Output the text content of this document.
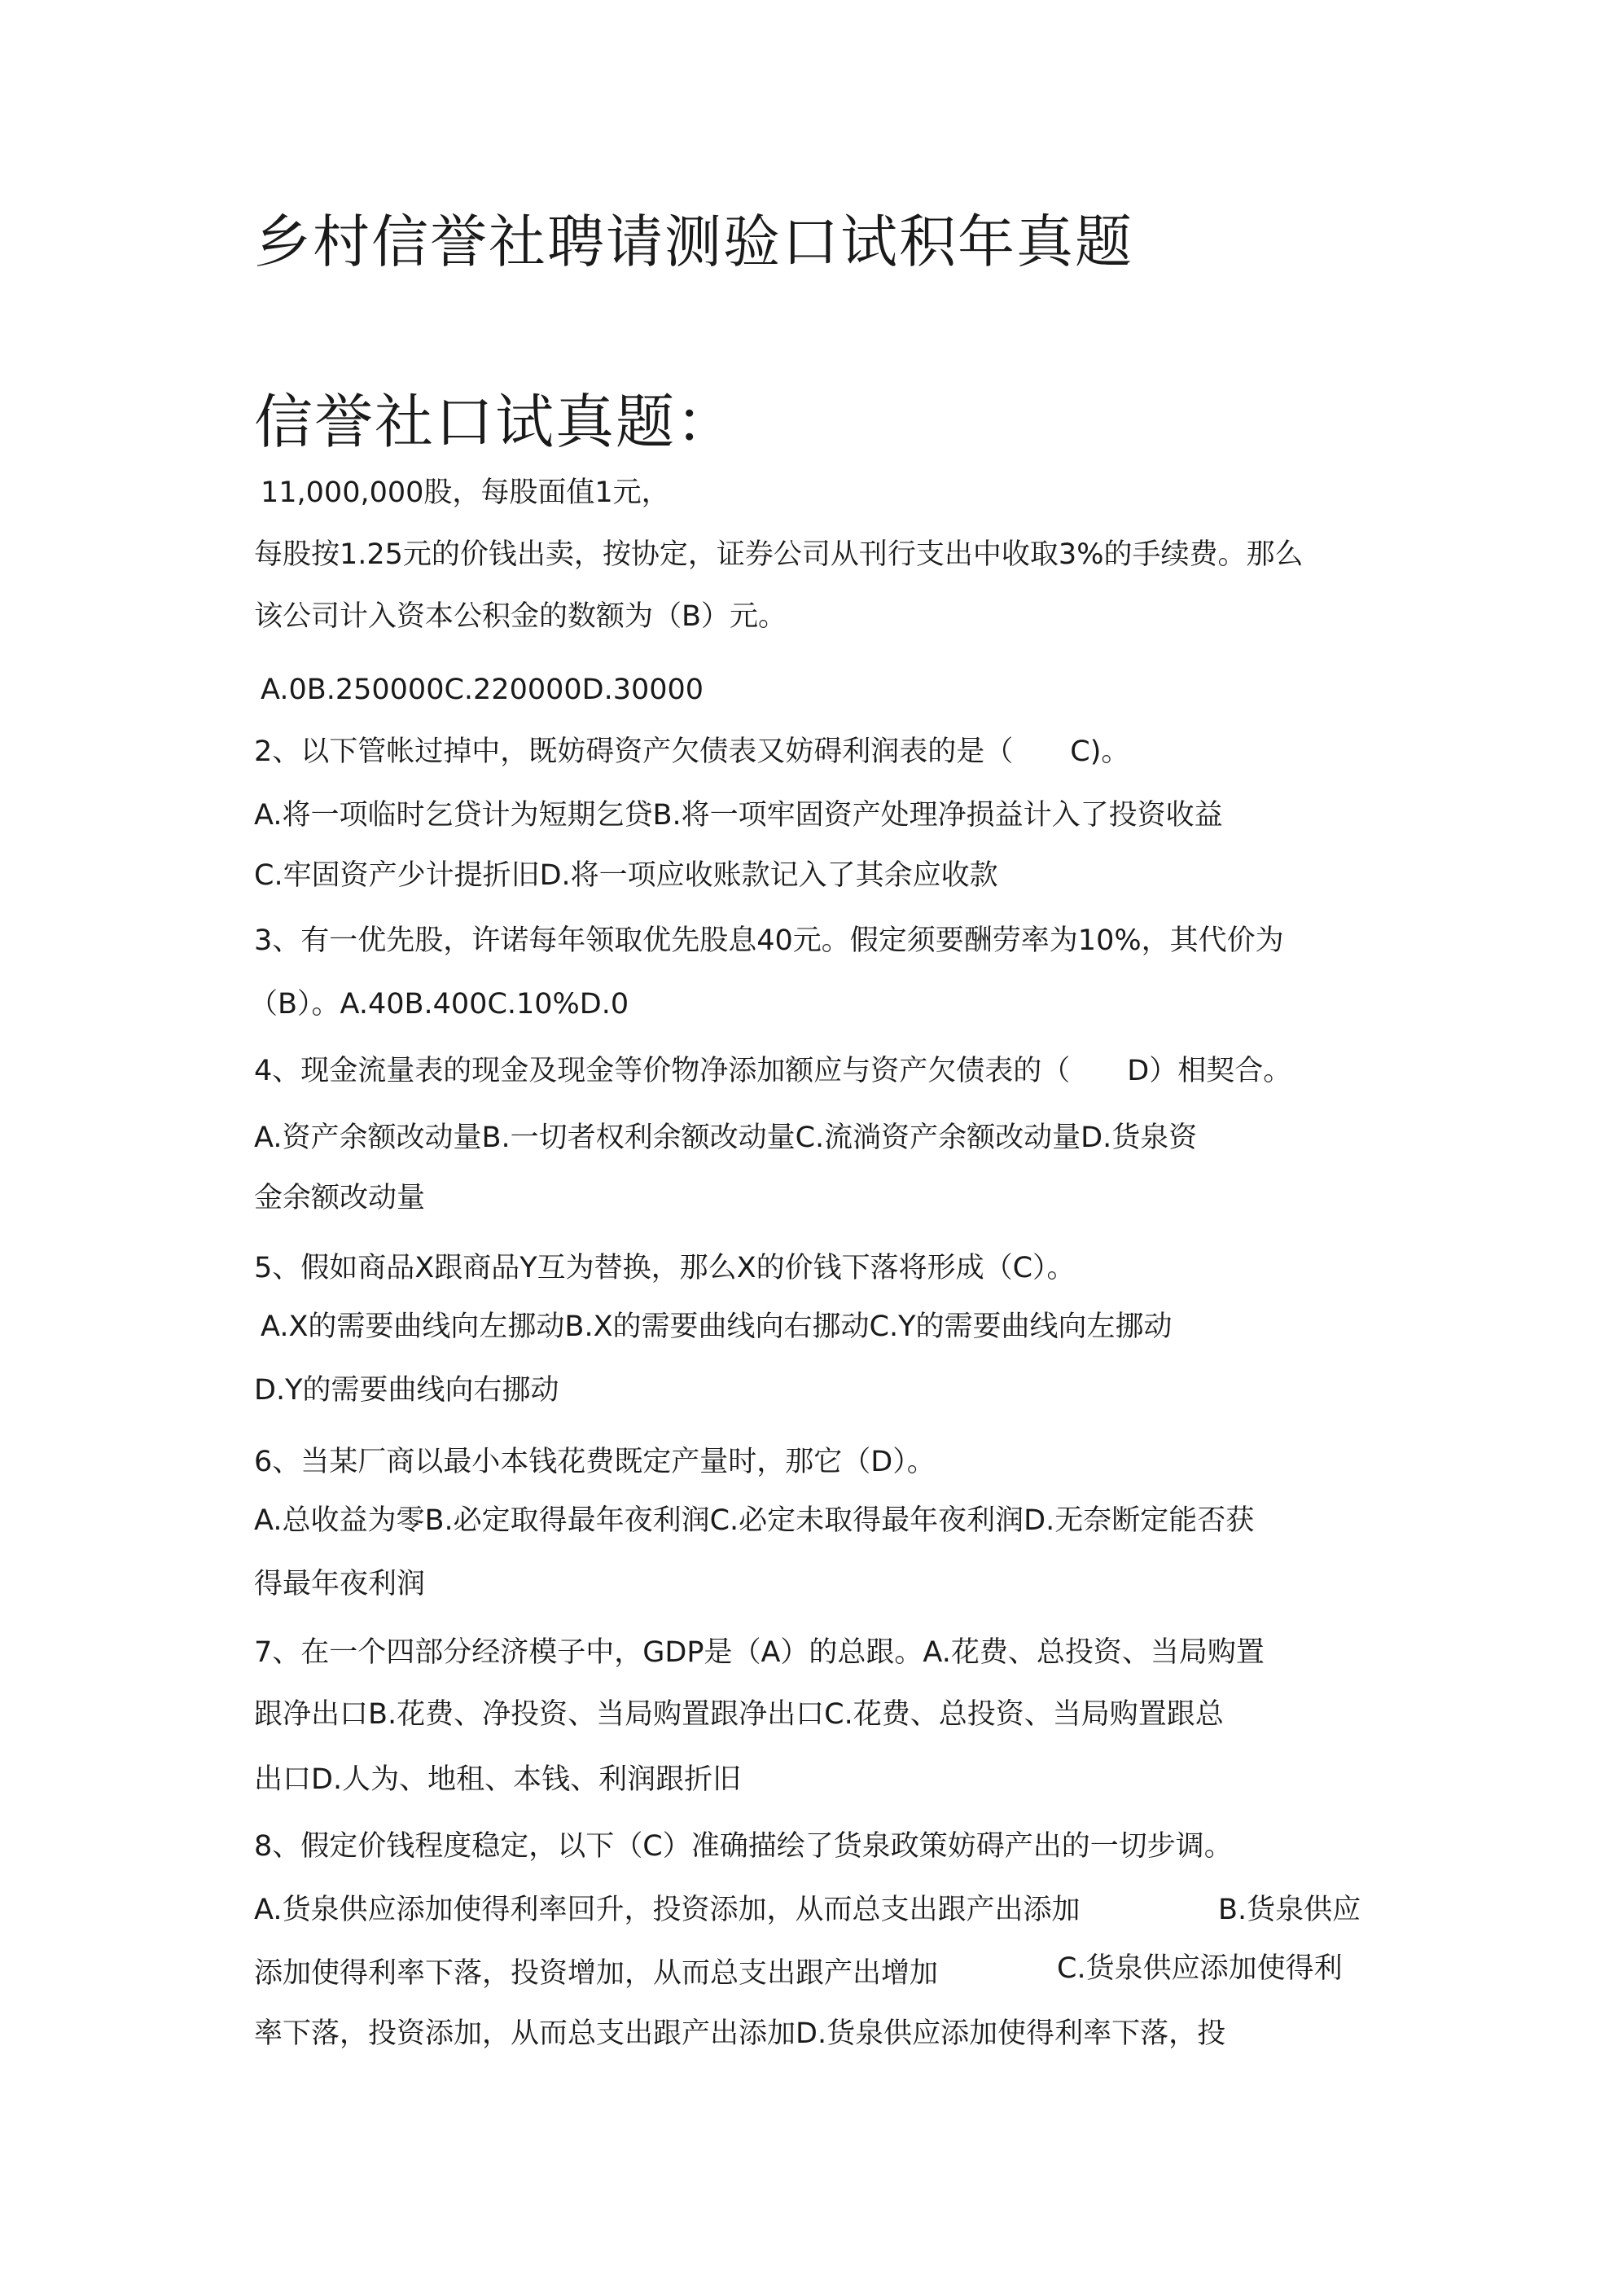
乡村信誉社聘请测验口试积年真题
信誉社口试真题：

11,000,000股，每股面值1元，

每股按1.25元的价钱出卖，按协定，证券公司从刊行支出中收取3%的手续费。那么

该公司计入资本公积金的数额为（B）元。

A.0B.250000C.220000D.30000

2、以下管帐过掉中，既妨碍资产欠债表又妨碍利润表的是（　　C)。

A.将一项临时乞贷计为短期乞贷B.将一项牢固资产处理净损益计入了投资收益

C.牢固资产少计提折旧D.将一项应收账款记入了其余应收款

3、有一优先股，许诺每年领取优先股息40元。假定须要酬劳率为10%，其代价为

（B）。A.40B.400C.10%D.0

4、现金流量表的现金及现金等价物净添加额应与资产欠债表的（　　D）相契合。

A.资产余额改动量B.一切者权利余额改动量C.流淌资产余额改动量D.货泉资

金余额改动量

5、假如商品X跟商品Y互为替换，那么X的价钱下落将形成（C）。

A.X的需要曲线向左挪动B.X的需要曲线向右挪动C.Y的需要曲线向左挪动

D.Y的需要曲线向右挪动

6、当某厂商以最小本钱花费既定产量时，那它（D）。

A.总收益为零B.必定取得最年夜利润C.必定未取得最年夜利润D.无奈断定能否获

得最年夜利润

7、在一个四部分经济模子中，GDP是（A）的总跟。A.花费、总投资、当局购置

跟净出口B.花费、净投资、当局购置跟净出口C.花费、总投资、当局购置跟总

出口D.人为、地租、本钱、利润跟折旧

8、假定价钱程度稳定，以下（C）准确描绘了货泉政策妨碍产出的一切步调。

A.货泉供应添加使得利率回升，投资添加，从而总支出跟产出添加	B.货泉供应

添加使得利率下落，投资增加，从而总支出跟产出增加	C.货泉供应添加使得利

率下落，投资添加，从而总支出跟产出添加D.货泉供应添加使得利率下落，投
